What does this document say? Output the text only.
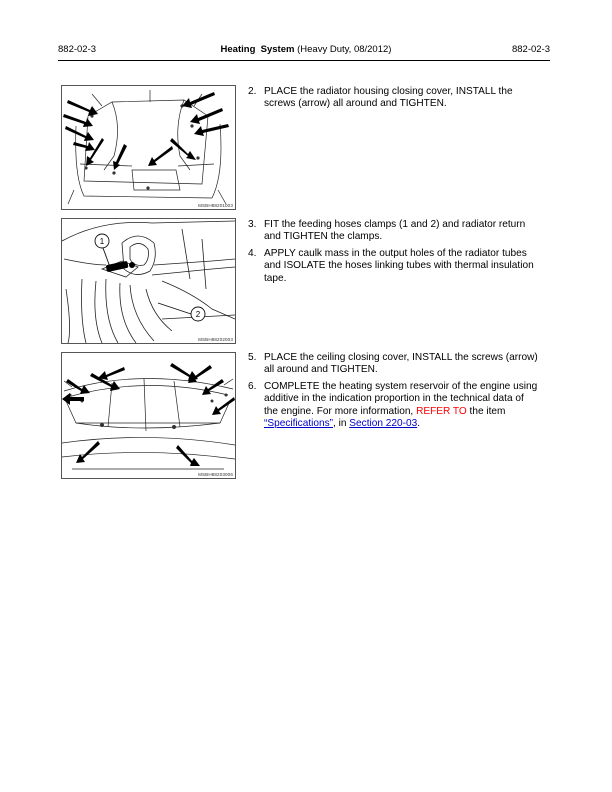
882-02-3	Heating System (Heavy Duty, 08/2012)	882-02-3
MSBH88201003
1
2
MSBH88202003
MSBH88203006
2. PLACE the radiator housing closing cover, INSTALL the screws (arrow) all around and TIGHTEN.
3. FIT the feeding hoses clamps (1 and 2) and radiator return and TIGHTEN the clamps.
4. APPLY caulk mass in the output holes of the radiator tubes and ISOLATE the hoses linking tubes with thermal insulation tape.
5. PLACE the ceiling closing cover, INSTALL the screws (arrow) all around and TIGHTEN.
6. COMPLETE the heating system reservoir of the engine using additive in the indication proportion in the technical data of the engine. For more information, REFER TO the item “Specifications”, in Section 220-03.
